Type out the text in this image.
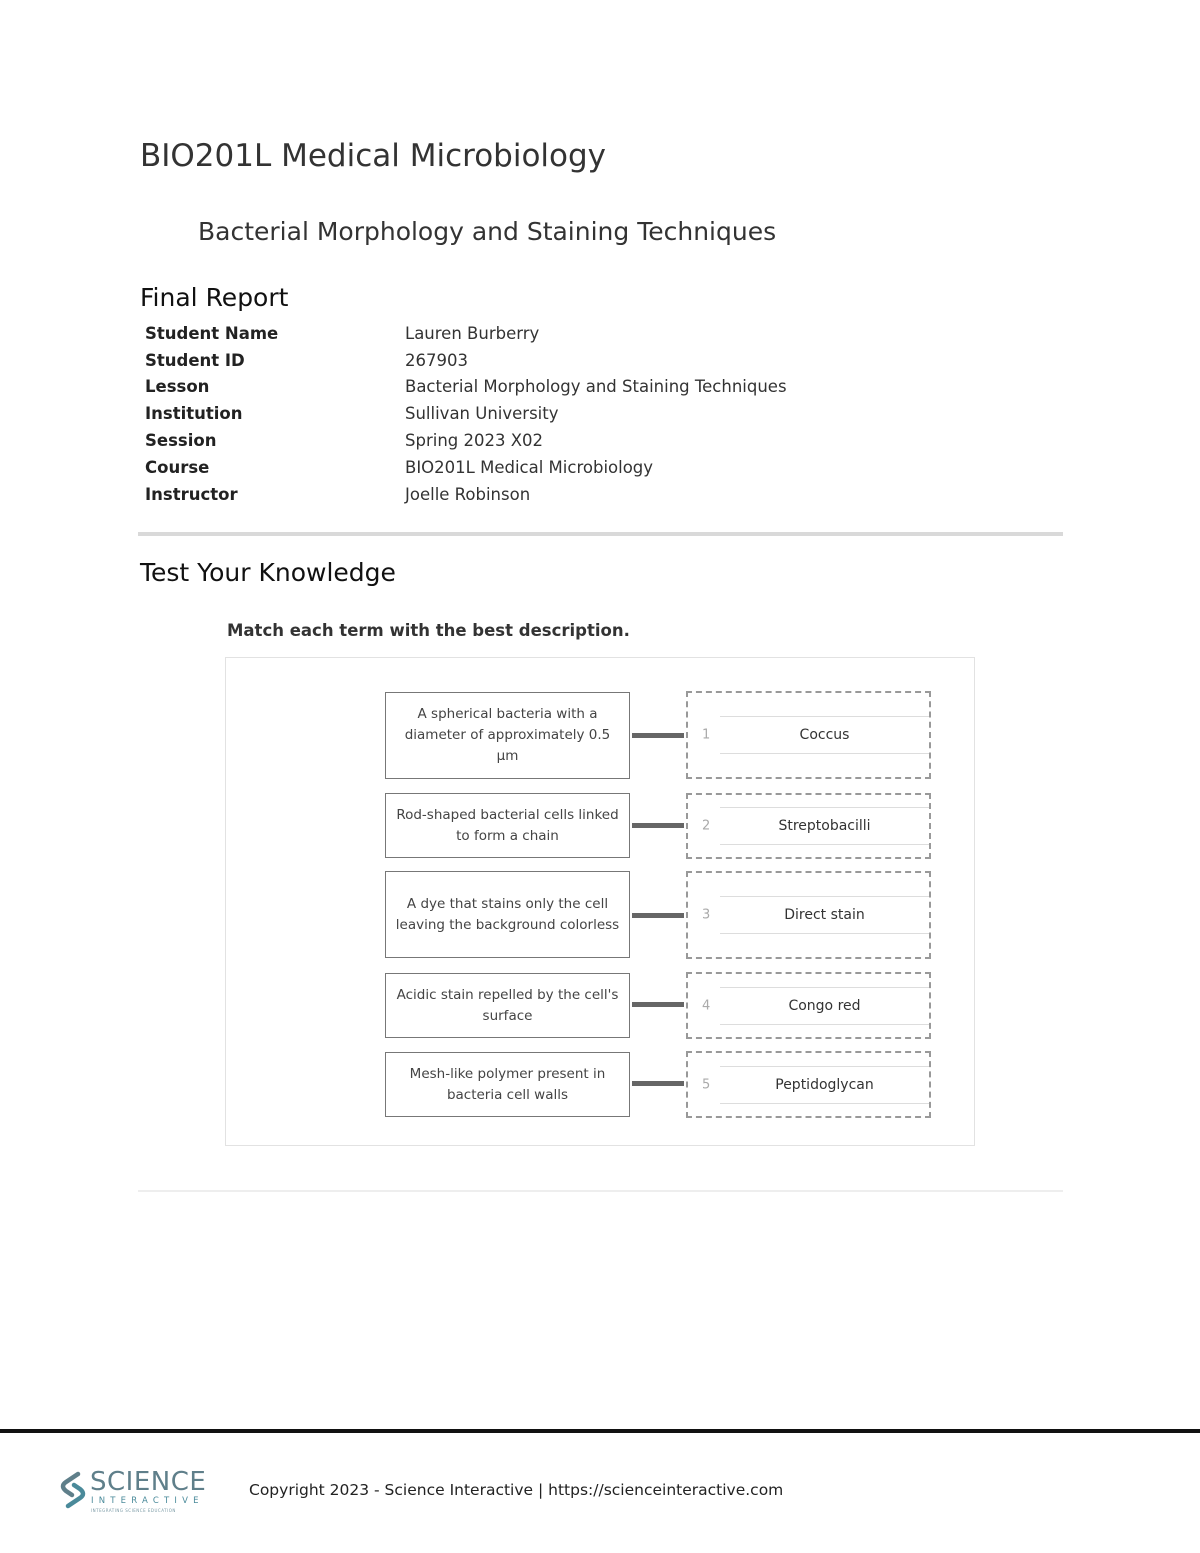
BIO201L Medical Microbiology
Bacterial Morphology and Staining Techniques
Final Report
Student Name	Lauren Burberry
Student ID	267903
Lesson	Bacterial Morphology and Staining Techniques
Institution	Sullivan University
Session	Spring 2023 X02
Course	BIO201L Medical Microbiology
Instructor	Joelle Robinson
Test Your Knowledge
Match each term with the best description.
A spherical bacteria with a diameter of approximately 0.5 µm
1	Coccus
Rod-shaped bacterial cells linked to form a chain
2	Streptobacilli
A dye that stains only the cell leaving the background colorless
3	Direct stain
Acidic stain repelled by the cell's surface
4	Congo red
Mesh-like polymer present in bacteria cell walls
5	Peptidoglycan
SCIENCE
INTERACTIVE
INTEGRATING SCIENCE EDUCATION
Copyright 2023 - Science Interactive | https://scienceinteractive.com
